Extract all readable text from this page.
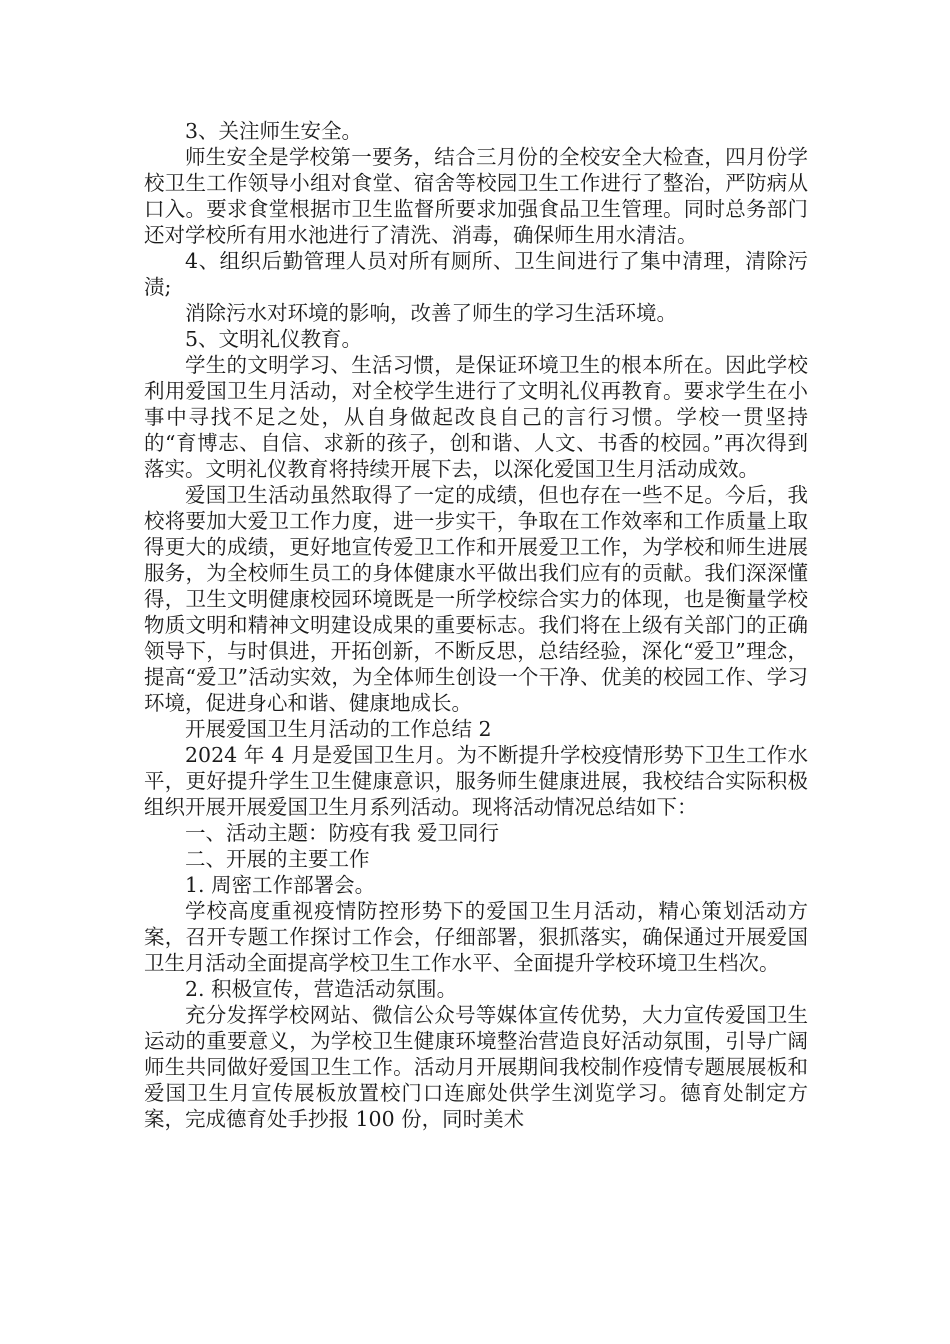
3、关注师生安全。

师生安全是学校第一要务，结合三月份的全校安全大检查，四月份学校卫生工作领导小组对食堂、宿舍等校园卫生工作进行了整治，严防病从口入。要求食堂根据市卫生监督所要求加强食品卫生管理。同时总务部门还对学校所有用水池进行了清洗、消毒，确保师生用水清洁。

4、组织后勤管理人员对所有厕所、卫生间进行了集中清理，清除污渍;

消除污水对环境的影响，改善了师生的学习生活环境。

5、文明礼仪教育。

学生的文明学习、生活习惯，是保证环境卫生的根本所在。因此学校利用爱国卫生月活动，对全校学生进行了文明礼仪再教育。要求学生在小事中寻找不足之处，从自身做起改良自己的言行习惯。学校一贯坚持的“育博志、自信、求新的孩子，创和谐、人文、书香的校园。”再次得到落实。文明礼仪教育将持续开展下去，以深化爱国卫生月活动成效。

爱国卫生活动虽然取得了一定的成绩，但也存在一些不足。今后，我校将要加大爱卫工作力度，进一步实干，争取在工作效率和工作质量上取得更大的成绩，更好地宣传爱卫工作和开展爱卫工作，为学校和师生进展服务，为全校师生员工的身体健康水平做出我们应有的贡献。我们深深懂得，卫生文明健康校园环境既是一所学校综合实力的体现，也是衡量学校物质文明和精神文明建设成果的重要标志。我们将在上级有关部门的正确领导下，与时俱进，开拓创新，不断反思，总结经验，深化“爱卫”理念，提高“爱卫”活动实效，为全体师生创设一个干净、优美的校园工作、学习环境，促进身心和谐、健康地成长。

开展爱国卫生月活动的工作总结 2

2024 年 4 月是爱国卫生月。为不断提升学校疫情形势下卫生工作水平，更好提升学生卫生健康意识，服务师生健康进展，我校结合实际积极组织开展开展爱国卫生月系列活动。现将活动情况总结如下：

一、活动主题：防疫有我 爱卫同行

二、开展的主要工作

1. 周密工作部署会。

学校高度重视疫情防控形势下的爱国卫生月活动，精心策划活动方案，召开专题工作探讨工作会，仔细部署，狠抓落实，确保通过开展爱国卫生月活动全面提高学校卫生工作水平、全面提升学校环境卫生档次。

2. 积极宣传，营造活动氛围。

充分发挥学校网站、微信公众号等媒体宣传优势，大力宣传爱国卫生运动的重要意义，为学校卫生健康环境整治营造良好活动氛围，引导广阔师生共同做好爱国卫生工作。活动月开展期间我校制作疫情专题展展板和爱国卫生月宣传展板放置校门口连廊处供学生浏览学习。德育处制定方案，完成德育处手抄报 100 份，同时美术
